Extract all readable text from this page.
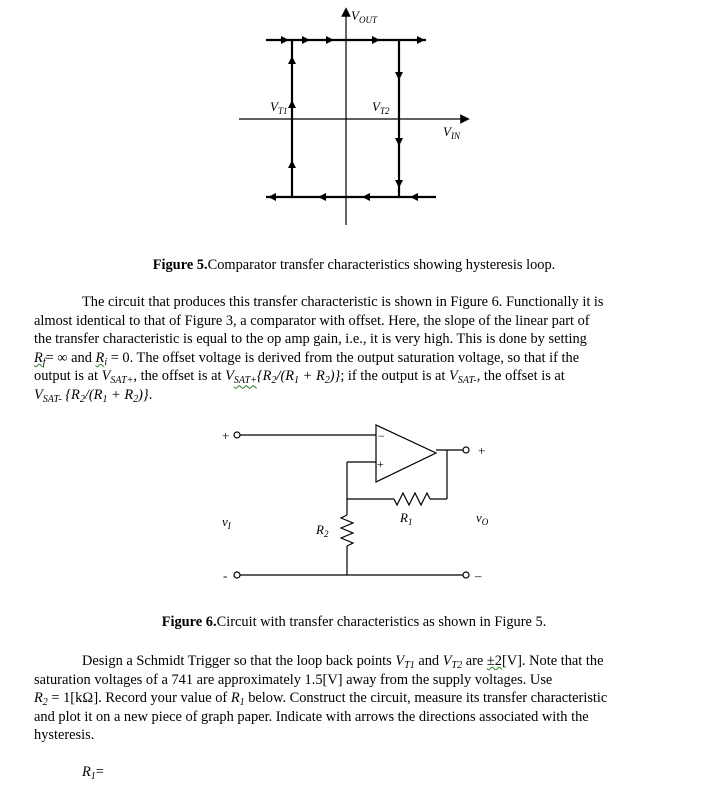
$V_{OUT}$
$V_{IN}$
$V_{T1}$	$V_{T2}$
+
-
+
–
−
+
$v_I$
$v_O$
$R_1$
$R_2$
Figure 5.Comparator transfer characteristics showing hysteresis loop.
The circuit that produces this transfer characteristic is shown in Figure 6. Functionally it is
almost identical to that of Figure 3, a comparator with offset. Here, the slope of the linear part of
the transfer characteristic is equal to the op amp gain, i.e., it is very high. This is done by setting
$R_f=$ ∞ and $R_i = 0$. The offset voltage is derived from the output saturation voltage, so that if the
output is at $V_{SAT+}$, the offset is at $V_{SAT+}\{R_2/(R_1 + R_2)\}$; if the output is at $V_{SAT-}$, the offset is at
$V_{SAT-}$ $\{R_2/(R_1 + R_2)\}$.
Figure 6.Circuit with transfer characteristics as shown in Figure 5.
Design a Schmidt Trigger so that the loop back points $V_{T1}$ and $V_{T2}$ are ±2[V]. Note that the
saturation voltages of a 741 are approximately 1.5[V] away from the supply voltages. Use
$R_2$ = 1[kΩ]. Record your value of $R_1$ below. Construct the circuit, measure its transfer characteristic
and plot it on a new piece of graph paper. Indicate with arrows the directions associated with the
hysteresis.
$R_1=$
